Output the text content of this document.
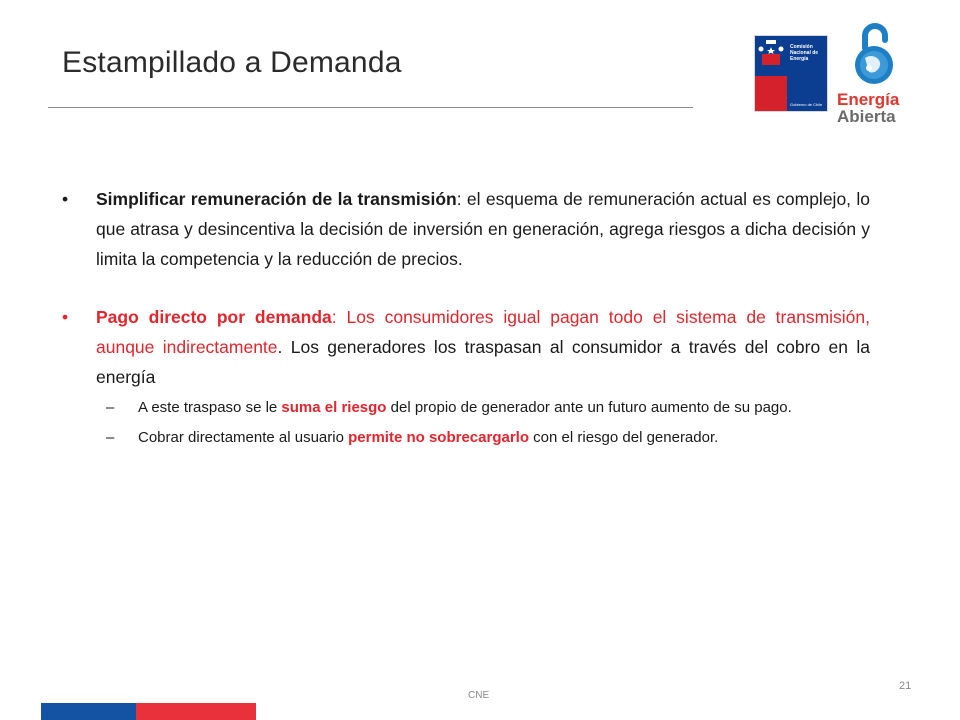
Estampillado a Demanda	Comisión
Nacional de
Energía
Gobierno de Chile Energía
Abierta
• Simplificar remuneración de la transmisión: el esquema de remuneración actual es complejo, lo que atrasa y desincentiva la decisión de inversión en generación, agrega riesgos a dicha decisión y limita la competencia y la reducción de precios.
• Pago directo por demanda: Los consumidores igual pagan todo el sistema de transmisión, aunque indirectamente. Los generadores los traspasan al consumidor a través del cobro en la energía
– A este traspaso se le suma el riesgo del propio de generador ante un futuro aumento de su pago.
– Cobrar directamente al usuario permite no sobrecargarlo con el riesgo del generador.
CNE
21
